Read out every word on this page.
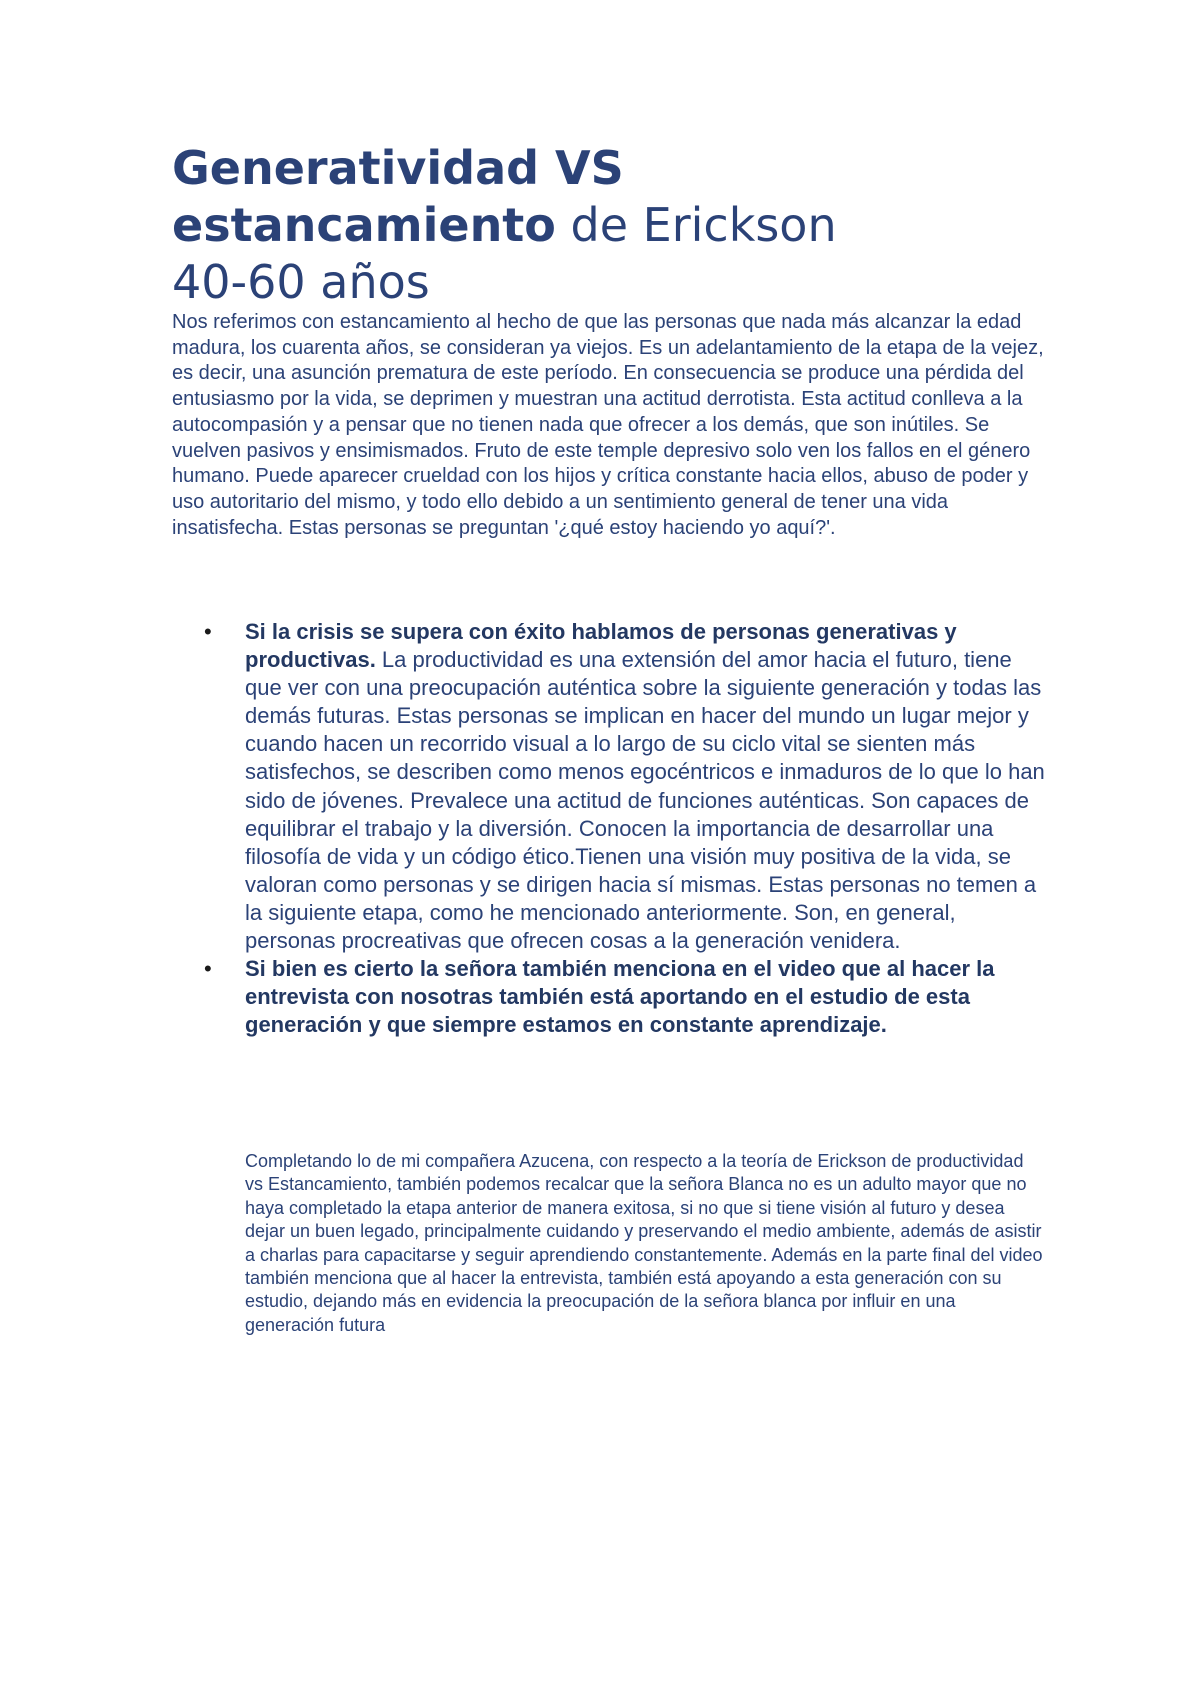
Generatividad VS
estancamiento de Erickson
40-60 años

Nos referimos con estancamiento al hecho de que las personas que nada más alcanzar la edad madura, los cuarenta años, se consideran ya viejos. Es un adelantamiento de la etapa de la vejez, es decir, una asunción prematura de este período. En consecuencia se produce una pérdida del entusiasmo por la vida, se deprimen y muestran una actitud derrotista. Esta actitud conlleva a la autocompasión y a pensar que no tienen nada que ofrecer a los demás, que son inútiles. Se vuelven pasivos y ensimismados. Fruto de este temple depresivo solo ven los fallos en el género humano. Puede aparecer crueldad con los hijos y crítica constante hacia ellos, abuso de poder y uso autoritario del mismo, y todo ello debido a un sentimiento general de tener una vida insatisfecha. Estas personas se preguntan '¿qué estoy haciendo yo aquí?'.

• Si la crisis se supera con éxito hablamos de personas generativas y productivas. La productividad es una extensión del amor hacia el futuro, tiene que ver con una preocupación auténtica sobre la siguiente generación y todas las demás futuras. Estas personas se implican en hacer del mundo un lugar mejor y cuando hacen un recorrido visual a lo largo de su ciclo vital se sienten más satisfechos, se describen como menos egocéntricos e inmaduros de lo que lo han sido de jóvenes. Prevalece una actitud de funciones auténticas. Son capaces de equilibrar el trabajo y la diversión. Conocen la importancia de desarrollar una filosofía de vida y un código ético.Tienen una visión muy positiva de la vida, se valoran como personas y se dirigen hacia sí mismas. Estas personas no temen a la siguiente etapa, como he mencionado anteriormente. Son, en general, personas procreativas que ofrecen cosas a la generación venidera.
• Si bien es cierto la señora también menciona en el video que al hacer la entrevista con nosotras también está aportando en el estudio de esta generación y que siempre estamos en constante aprendizaje.

Completando lo de mi compañera Azucena, con respecto a la teoría de Erickson de productividad vs Estancamiento, también podemos recalcar que la señora Blanca no es un adulto mayor que no haya completado la etapa anterior de manera exitosa, si no que si tiene visión al futuro y desea dejar un buen legado, principalmente cuidando y preservando el medio ambiente, además de asistir a charlas para capacitarse y seguir aprendiendo constantemente. Además en la parte final del video también menciona que al hacer la entrevista, también está apoyando a esta generación con su estudio, dejando más en evidencia la preocupación de la señora blanca por influir en una generación futura
